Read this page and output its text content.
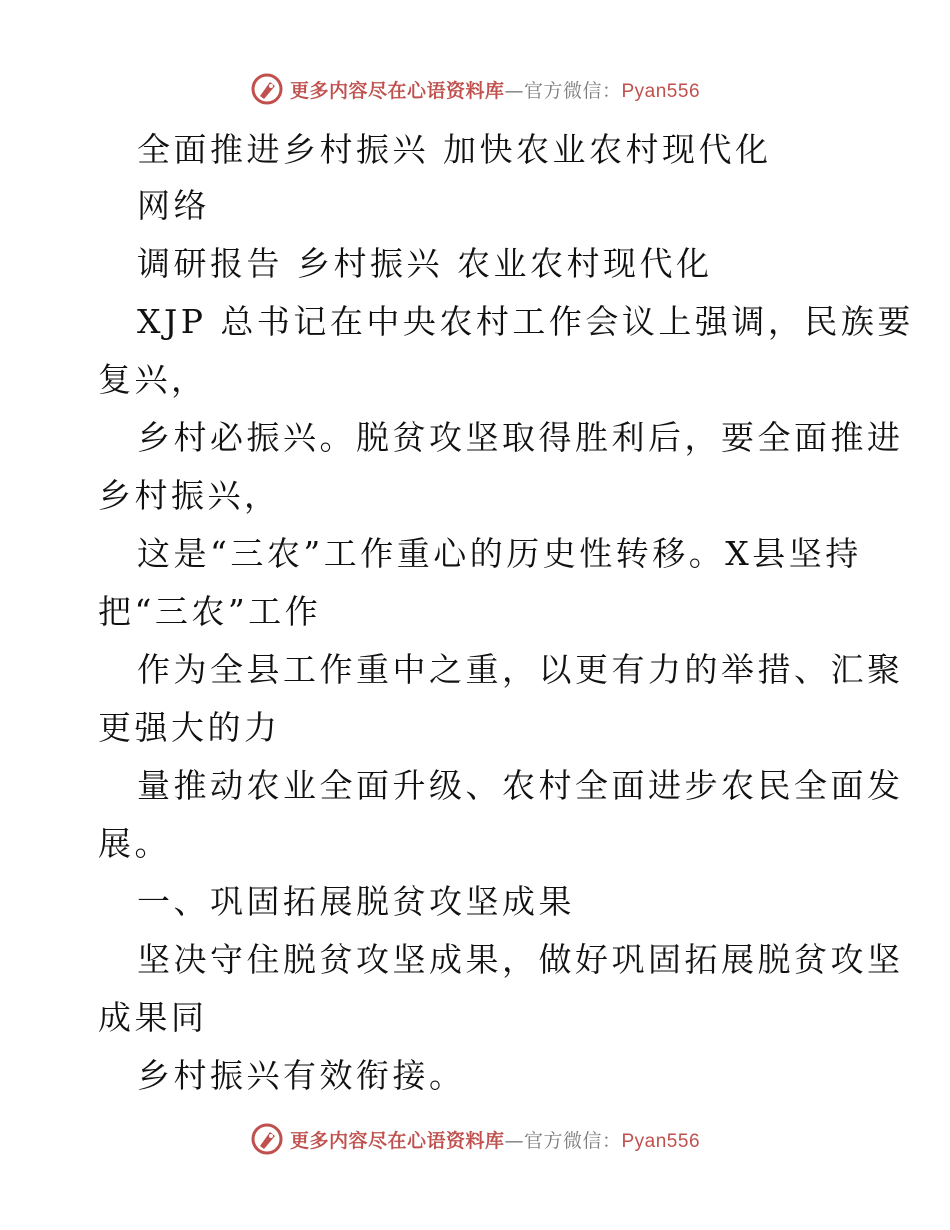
更多内容尽在心语资料库—官方微信：Pyan556
全面推进乡村振兴 加快农业农村现代化
网络
调研报告 乡村振兴 农业农村现代化
XJP 总书记在中央农村工作会议上强调，民族要
复兴，
乡村必振兴。脱贫攻坚取得胜利后，要全面推进
乡村振兴，
这是“三农”工作重心的历史性转移。X县坚持
把“三农”工作
作为全县工作重中之重，以更有力的举措、汇聚
更强大的力
量推动农业全面升级、农村全面进步农民全面发
展。
一、巩固拓展脱贫攻坚成果
坚决守住脱贫攻坚成果，做好巩固拓展脱贫攻坚
成果同
乡村振兴有效衔接。
更多内容尽在心语资料库—官方微信：Pyan556
